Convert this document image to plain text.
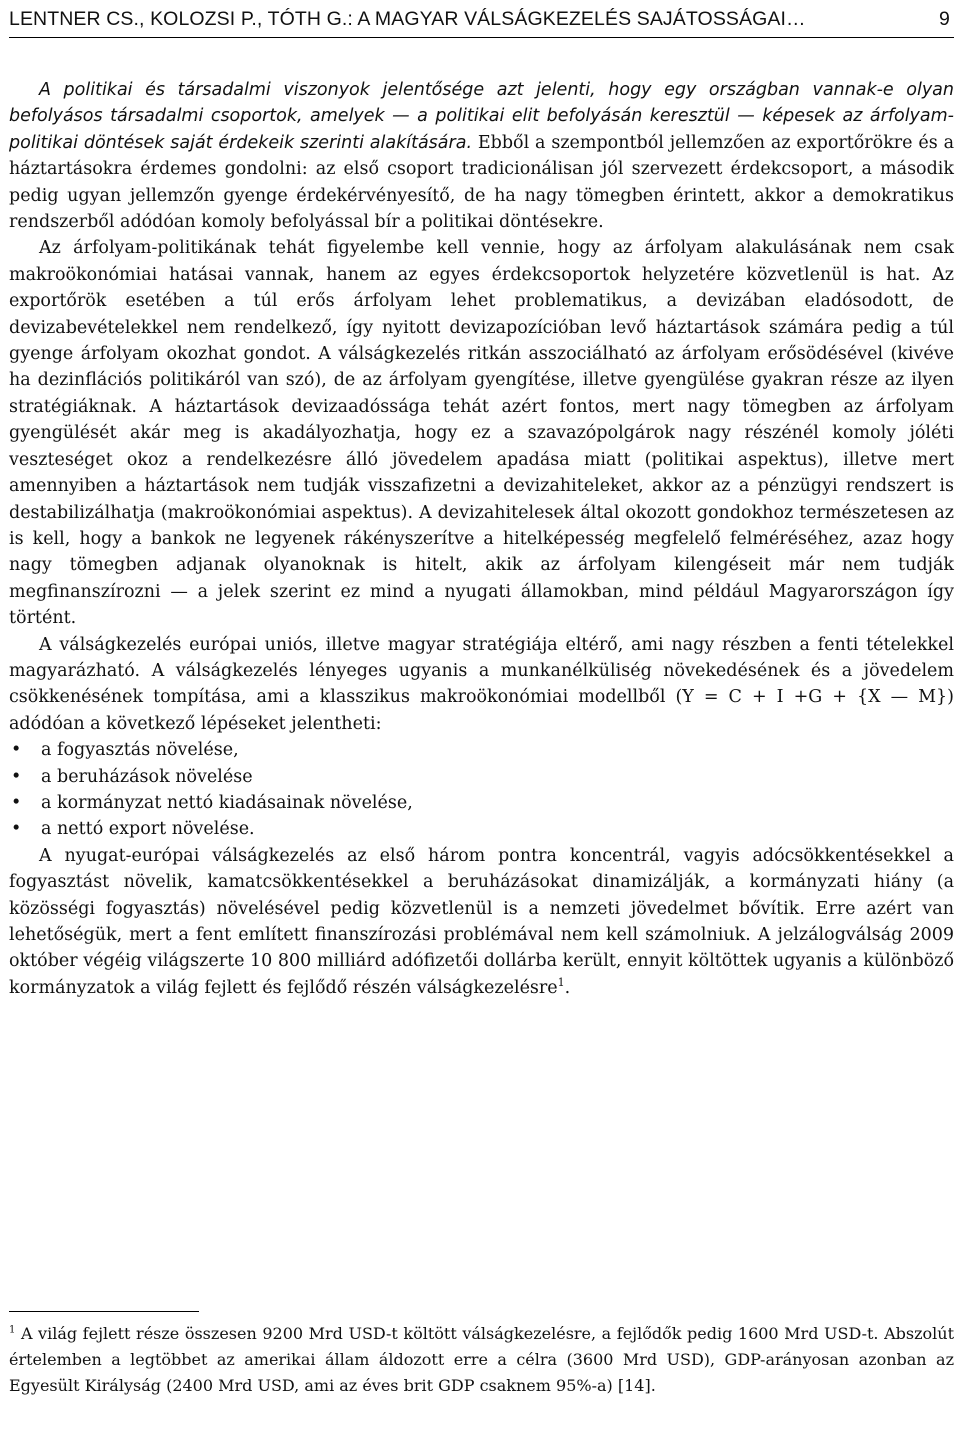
LENTNER CS., KOLOZSI P., TÓTH G.: A MAGYAR VÁLSÁGKEZELÉS SAJÁTOSSÁGAI…	9

A politikai és társadalmi viszonyok jelentősége azt jelenti, hogy egy országban vannak-e olyan befolyásos társadalmi csoportok, amelyek — a politikai elit befolyásán keresztül — képesek az árfolyam-politikai döntések saját érdekeik szerinti alakítására. Ebből a szempontból jellemzően az exportőrökre és a háztartásokra érdemes gondolni: az első csoport tradicionálisan jól szervezett érdekcsoport, a második pedig ugyan jellemzőn gyenge érdekérvényesítő, de ha nagy tömegben érintett, akkor a demokratikus rendszerből adódóan komoly befolyással bír a politikai döntésekre.

Az árfolyam-politikának tehát figyelembe kell vennie, hogy az árfolyam alakulásának nem csak makroökonómiai hatásai vannak, hanem az egyes érdekcsoportok helyzetére közvetlenül is hat. Az exportőrök esetében a túl erős árfolyam lehet problematikus, a devizában eladósodott, de devizabevételekkel nem rendelkező, így nyitott devizapozícióban levő háztartások számára pedig a túl gyenge árfolyam okozhat gondot. A válságkezelés ritkán asszociálható az árfolyam erősödésével (kivéve ha dezinflációs politikáról van szó), de az árfolyam gyengítése, illetve gyengülése gyakran része az ilyen stratégiáknak. A háztartások devizaadóssága tehát azért fontos, mert nagy tömegben az árfolyam gyengülését akár meg is akadályozhatja, hogy ez a szavazópolgárok nagy részénél komoly jóléti veszteséget okoz a rendelkezésre álló jövedelem apadása miatt (politikai aspektus), illetve mert amennyiben a háztartások nem tudják visszafizetni a devizahiteleket, akkor az a pénzügyi rendszert is destabilizálhatja (makroökonómiai aspektus). A devizahitelesek által okozott gondokhoz természetesen az is kell, hogy a bankok ne legyenek rákényszerítve a hitelképesség megfelelő felméréséhez, azaz hogy nagy tömegben adjanak olyanoknak is hitelt, akik az árfolyam kilengéseit már nem tudják megfinanszírozni — a jelek szerint ez mind a nyugati államokban, mind például Magyarországon így történt.

A válságkezelés európai uniós, illetve magyar stratégiája eltérő, ami nagy részben a fenti tételekkel magyarázható. A válságkezelés lényeges ugyanis a munkanélküliség növekedésének és a jövedelem csökkenésének tompítása, ami a klasszikus makroökonómiai modellből (Y = C + I +G + {X — M}) adódóan a következő lépéseket jelentheti:

• a fogyasztás növelése,
• a beruházások növelése
• a kormányzat nettó kiadásainak növelése,
• a nettó export növelése.

A nyugat-európai válságkezelés az első három pontra koncentrál, vagyis adócsökkentésekkel a fogyasztást növelik, kamatcsökkentésekkel a beruházásokat dinamizálják, a kormányzati hiány (a közösségi fogyasztás) növelésével pedig közvetlenül is a nemzeti jövedelmet bővítik. Erre azért van lehetőségük, mert a fent említett finanszírozási problémával nem kell számolniuk. A jelzálogválság 2009 október végéig világszerte 10 800 milliárd adófizetői dollárba került, ennyit költöttek ugyanis a különböző kormányzatok a világ fejlett és fejlődő részén válságkezelésre$^1$.

$^1$ A világ fejlett része összesen 9200 Mrd USD-t költött válságkezelésre, a fejlődők pedig 1600 Mrd USD-t. Abszolút értelemben a legtöbbet az amerikai állam áldozott erre a célra (3600 Mrd USD), GDP-arányosan azonban az Egyesült Királyság (2400 Mrd USD, ami az éves brit GDP csaknem 95%-a) [14].
